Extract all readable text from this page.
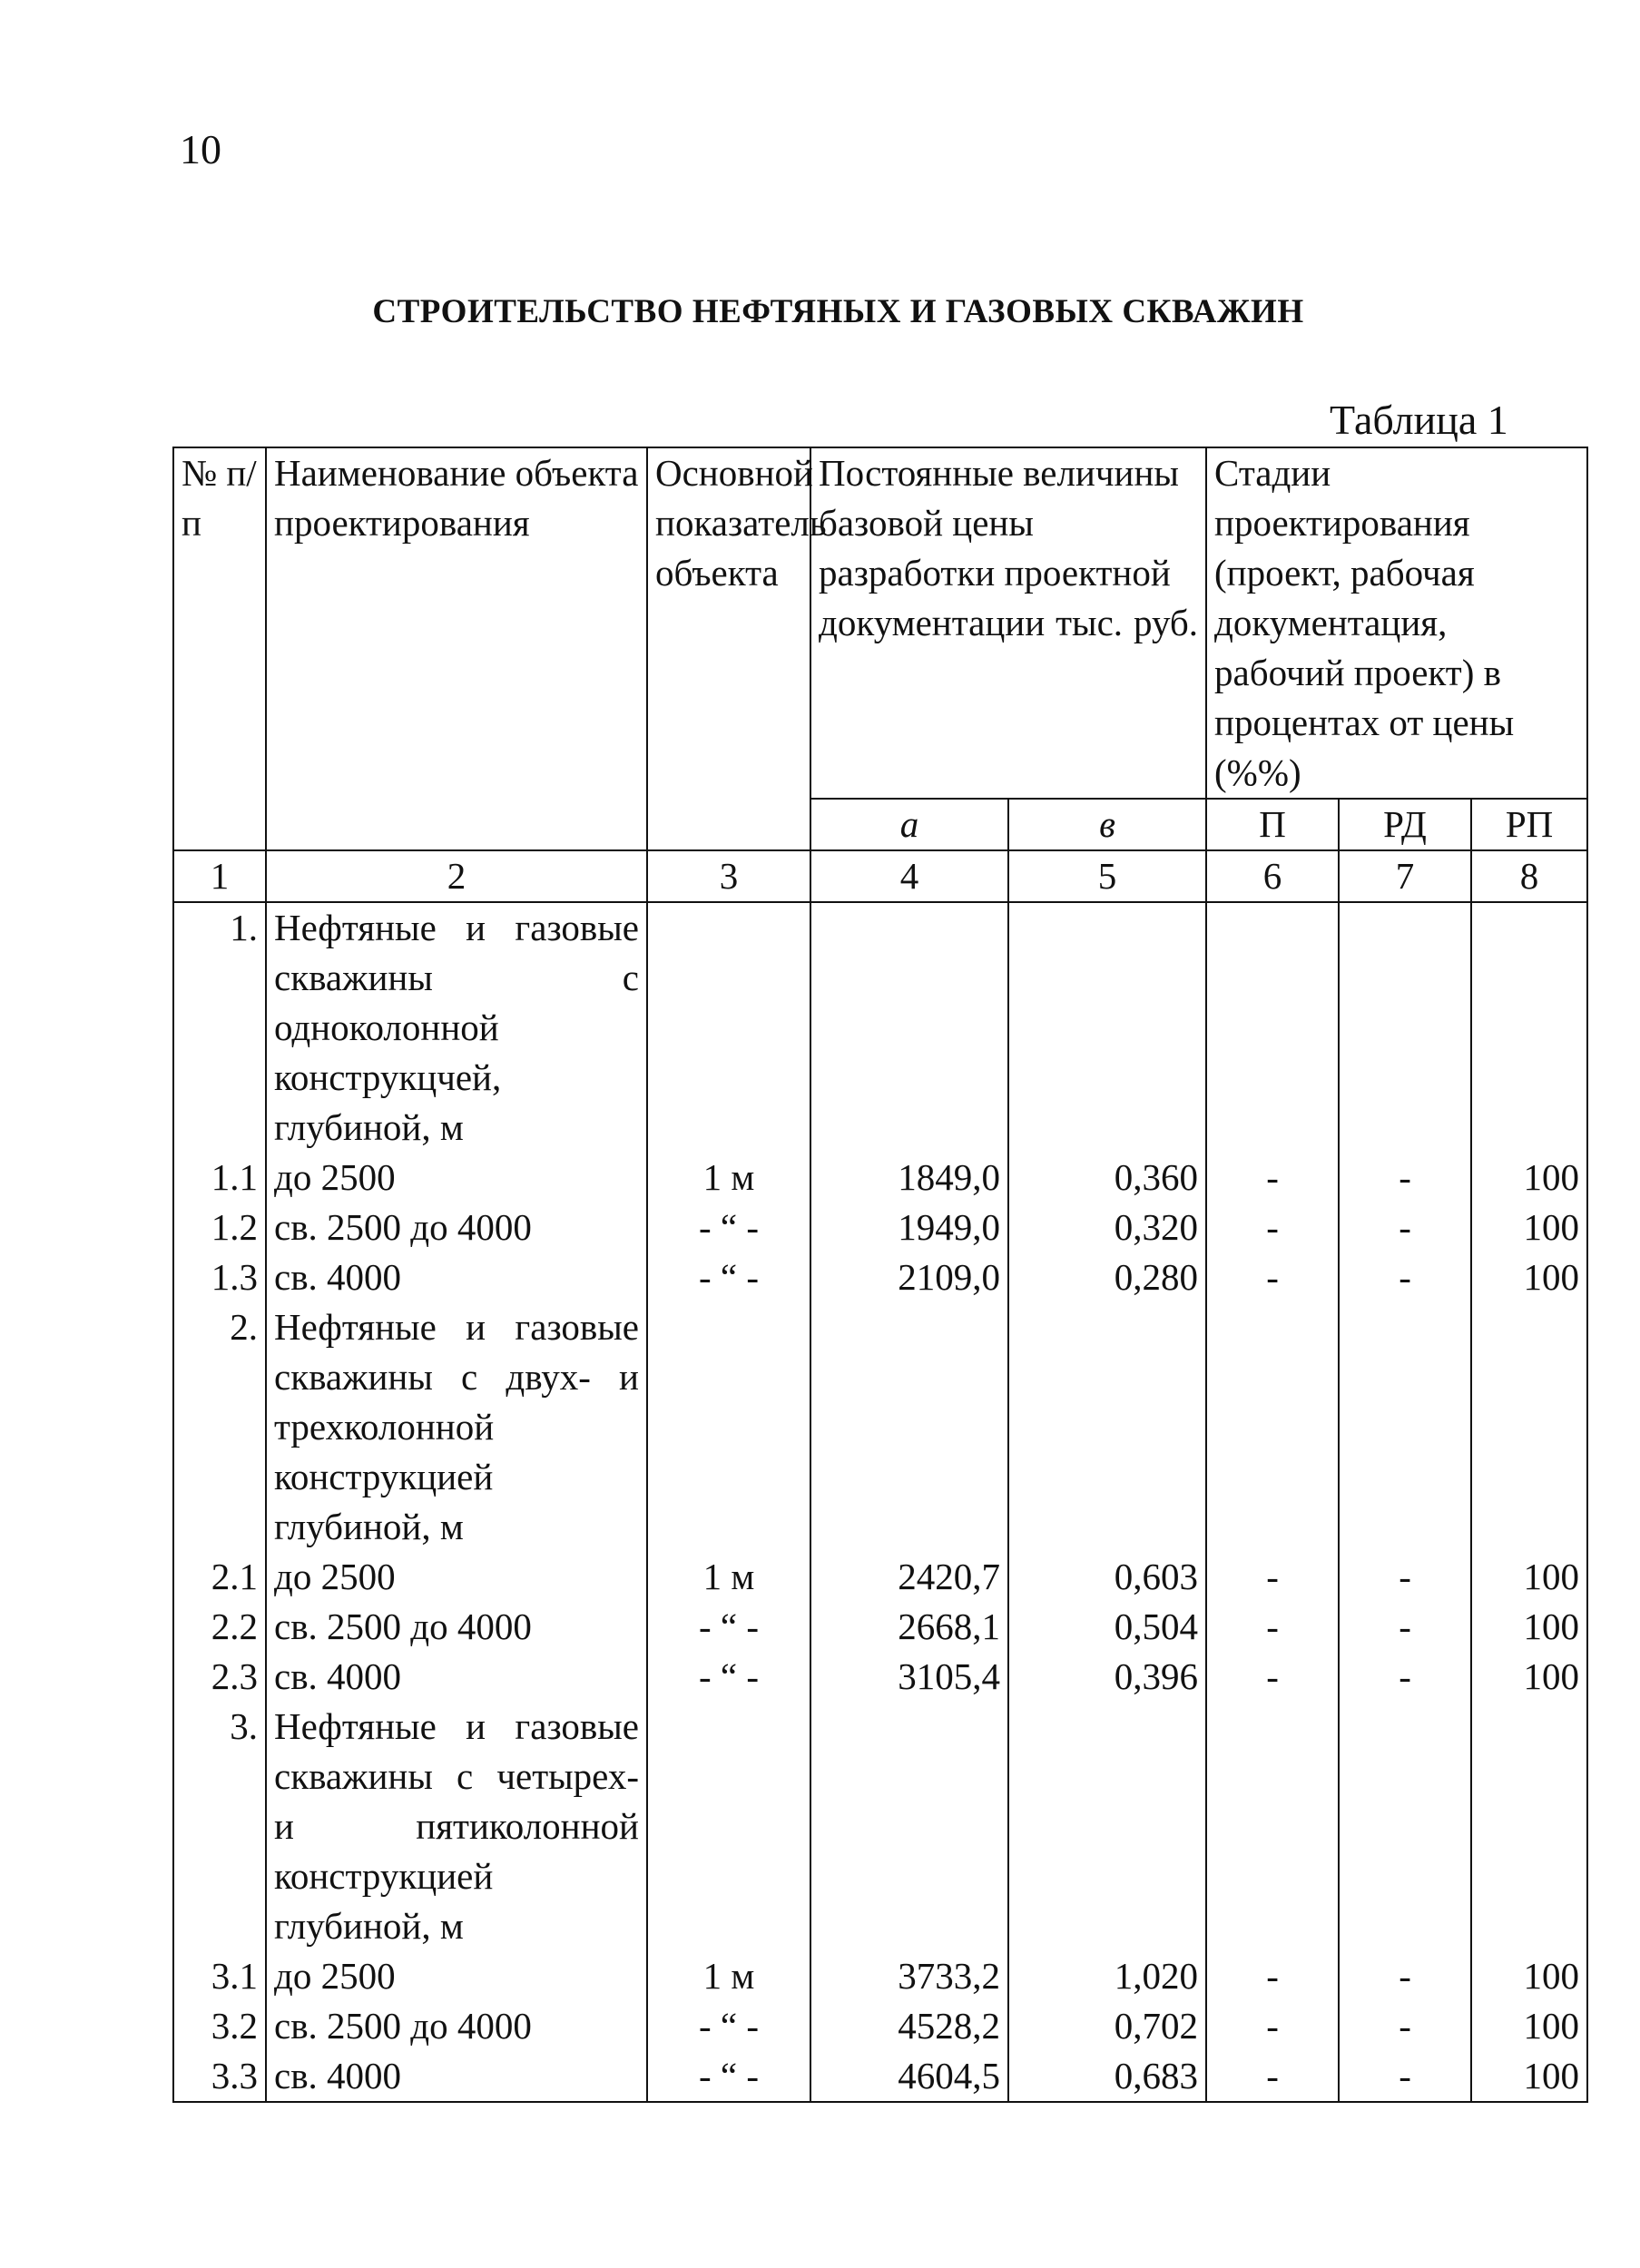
10
СТРОИТЕЛЬСТВО НЕФТЯНЫХ И ГАЗОВЫХ СКВАЖИН
Таблица 1
№ п/п	Наименование объекта проектирования	Основной показатель объекта	Постоянные величины базовой цены разработки проектной документации тыс. руб.		Стадии проектирования (проект, рабочая документация, рабочий проект) в процентах от цены (%%)		
			а	в	П	РД	РП
1	2	3	4	5	6	7	8
1.	Нефтяные и газовые скважины с одноколонной конструкцчей, глубиной, м						

1.1	до 2500	1 м	1849,0	0,360	-	-	100
1.2	св. 2500 до 4000	- “ -	1949,0	0,320	-	-	100
1.3	св. 4000	- “ -	2109,0	0,280	-	-	100
2.	Нефтяные и газовые скважины с двух- и трехколонной конструкцией глубиной, м						

2.1	до 2500	1 м	2420,7	0,603	-	-	100
2.2	св. 2500 до 4000	- “ -	2668,1	0,504	-	-	100
2.3	св. 4000	- “ -	3105,4	0,396	-	-	100
3.	Нефтяные и газовые скважины с четырех- и пятиколонной конструкцией глубиной, м						

3.1	до 2500	1 м	3733,2	1,020	-	-	100
3.2	св. 2500 до 4000	- “ -	4528,2	0,702	-	-	100
3.3	св. 4000	- “ -	4604,5	0,683	-	-	100
